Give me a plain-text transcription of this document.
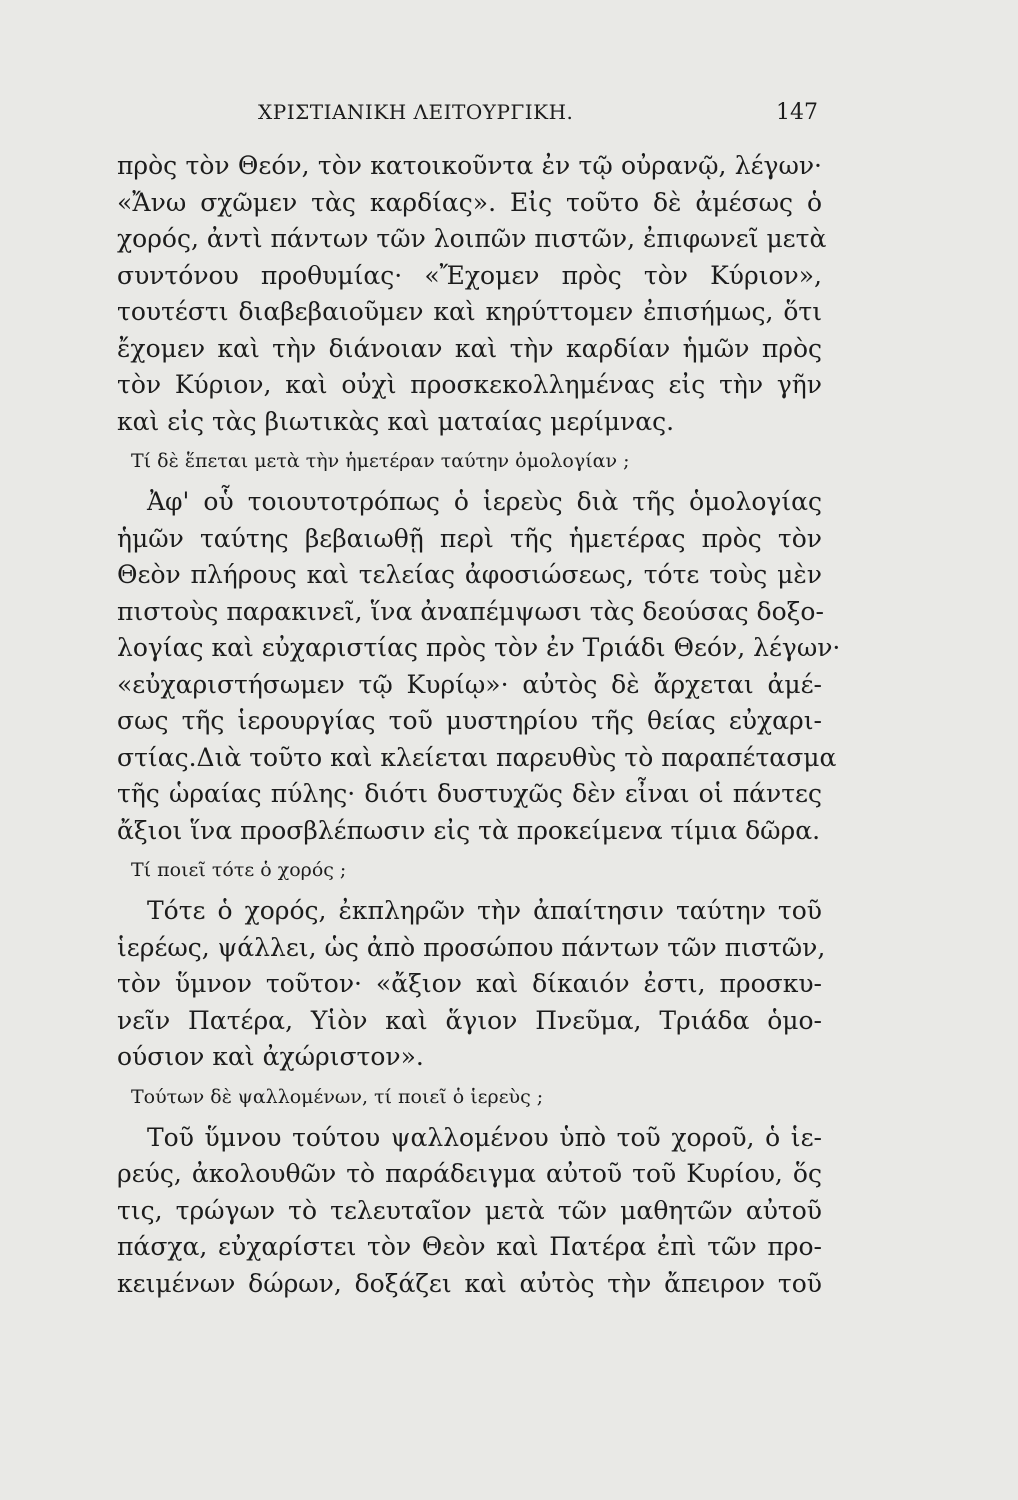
ΧΡΙΣΤΙΑΝΙΚΗ ΛΕΙΤΟΥΡΓΙΚΗ.	147
πρὸς τὸν Θεόν, τὸν κατοικοῦντα ἐν τῷ οὐρανῷ, λέγων·
«Ἄνω σχῶμεν τὰς καρδίας». Εἰς τοῦτο δὲ ἀμέσως ὁ
χορός, ἀντὶ πάντων τῶν λοιπῶν πιστῶν, ἐπιφωνεῖ μετὰ
συντόνου προθυμίας· «Ἔχομεν πρὸς τὸν Κύριον»,
τουτέστι διαβεβαιοῦμεν καὶ κηρύττομεν ἐπισήμως, ὅτι
ἔχομεν καὶ τὴν διάνοιαν καὶ τὴν καρδίαν ἡμῶν πρὸς
τὸν Κύριον, καὶ οὐχὶ προσκεκολλημένας εἰς τὴν γῆν
καὶ εἰς τὰς βιωτικὰς καὶ ματαίας μερίμνας.
Τί δὲ ἕπεται μετὰ τὴν ἡμετέραν ταύτην ὁμολογίαν ;
Ἀφ' οὗ τοιουτοτρόπως ὁ ἱερεὺς διὰ τῆς ὁμολογίας
ἡμῶν ταύτης βεβαιωθῇ περὶ τῆς ἡμετέρας πρὸς τὸν
Θεὸν πλήρους καὶ τελείας ἀφοσιώσεως, τότε τοὺς μὲν
πιστοὺς παρακινεῖ, ἵνα ἀναπέμψωσι τὰς δεούσας δοξο-
λογίας καὶ εὐχαριστίας πρὸς τὸν ἐν Τριάδι Θεόν, λέγων·
«εὐχαριστήσωμεν τῷ Κυρίῳ»· αὐτὸς δὲ ἄρχεται ἀμέ-
σως τῆς ἱερουργίας τοῦ μυστηρίου τῆς θείας εὐχαρι-
στίας.Διὰ τοῦτο καὶ κλείεται παρευθὺς τὸ παραπέτασμα
τῆς ὡραίας πύλης· διότι δυστυχῶς δὲν εἶναι οἱ πάντες
ἄξιοι ἵνα προσβλέπωσιν εἰς τὰ προκείμενα τίμια δῶρα.
Τί ποιεῖ τότε ὁ χορός ;
Τότε ὁ χορός, ἐκπληρῶν τὴν ἀπαίτησιν ταύτην τοῦ
ἱερέως, ψάλλει, ὡς ἀπὸ προσώπου πάντων τῶν πιστῶν,
τὸν ὕμνον τοῦτον· «ἄξιον καὶ δίκαιόν ἐστι, προσκυ-
νεῖν Πατέρα, Υἱὸν καὶ ἅγιον Πνεῦμα, Τριάδα ὁμο-
ούσιον καὶ ἀχώριστον».
Τούτων δὲ ψαλλομένων, τί ποιεῖ ὁ ἱερεὺς ;
Τοῦ ὕμνου τούτου ψαλλομένου ὑπὸ τοῦ χοροῦ, ὁ ἱε-
ρεύς, ἀκολουθῶν τὸ παράδειγμα αὐτοῦ τοῦ Κυρίου, ὅς
τις, τρώγων τὸ τελευταῖον μετὰ τῶν μαθητῶν αὐτοῦ
πάσχα, εὐχαρίστει τὸν Θεὸν καὶ Πατέρα ἐπὶ τῶν προ-
κειμένων δώρων, δοξάζει καὶ αὐτὸς τὴν ἄπειρον τοῦ
